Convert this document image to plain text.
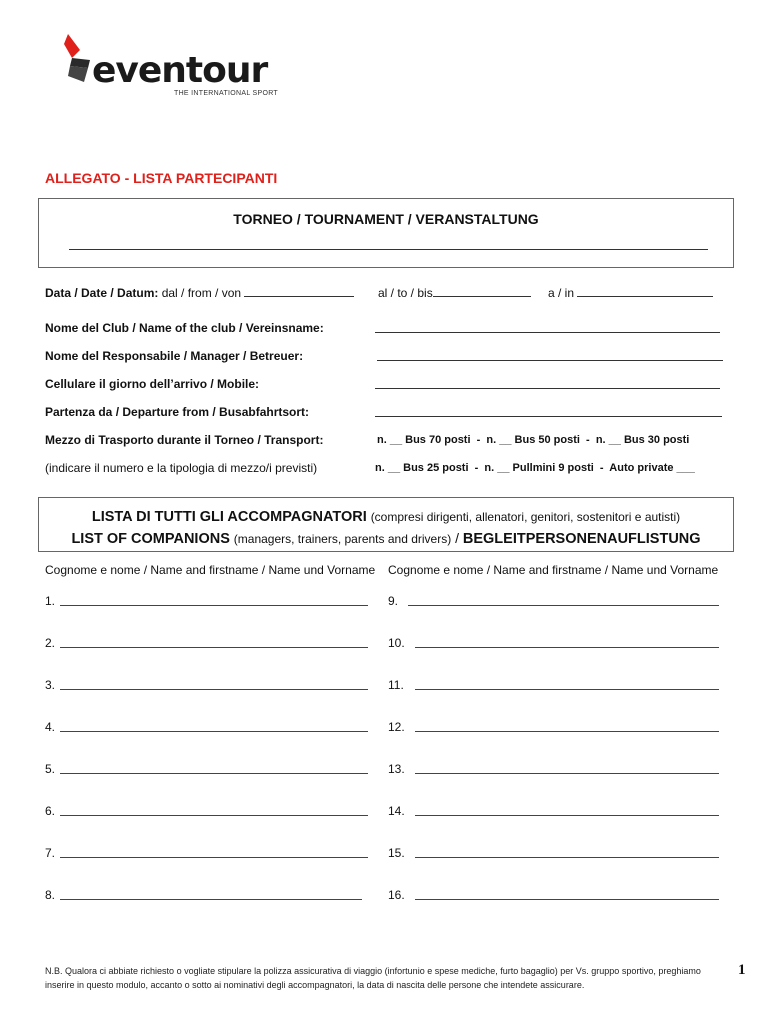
eventour
THE INTERNATIONAL SPORT
ALLEGATO - LISTA PARTECIPANTI
TORNEO / TOURNAMENT / VERANSTALTUNG
Data / Date / Datum: dal / from / von	al / to / bis	a / in
Nome del Club / Name of the club / Vereinsname:
Nome del Responsabile / Manager / Betreuer:
Cellulare il giorno dell’arrivo / Mobile:
Partenza da / Departure from / Busabfahrtsort:
Mezzo di Trasporto durante il Torneo / Transport:	n. __ Bus 70 posti  -  n. __ Bus 50 posti  -  n. __ Bus 30 posti
(indicare il numero e la tipologia di mezzo/i previsti)	n. __ Bus 25 posti  -  n. __ Pullmini 9 posti  -  Auto private ___
LISTA DI TUTTI GLI ACCOMPAGNATORI (compresi dirigenti, allenatori, genitori, sostenitori e autisti)
LIST OF COMPANIONS (managers, trainers, parents and drivers) / BEGLEITPERSONENAUFLISTUNG
Cognome e nome / Name and firstname / Name und Vorname Cognome e nome / Name and firstname / Name und Vorname
1.
2.
3.
4.
5.
6.
7.
8.
9.
10.
11.
12.
13.
14.
15.
16.
N.B. Qualora ci abbiate richiesto o vogliate stipulare la polizza assicurativa di viaggio (infortunio e spese mediche, furto bagaglio) per Vs. gruppo sportivo, preghiamo inserire in questo modulo, accanto o sotto ai nominativi degli accompagnatori, la data di nascita delle persone che intendete assicurare.
1
